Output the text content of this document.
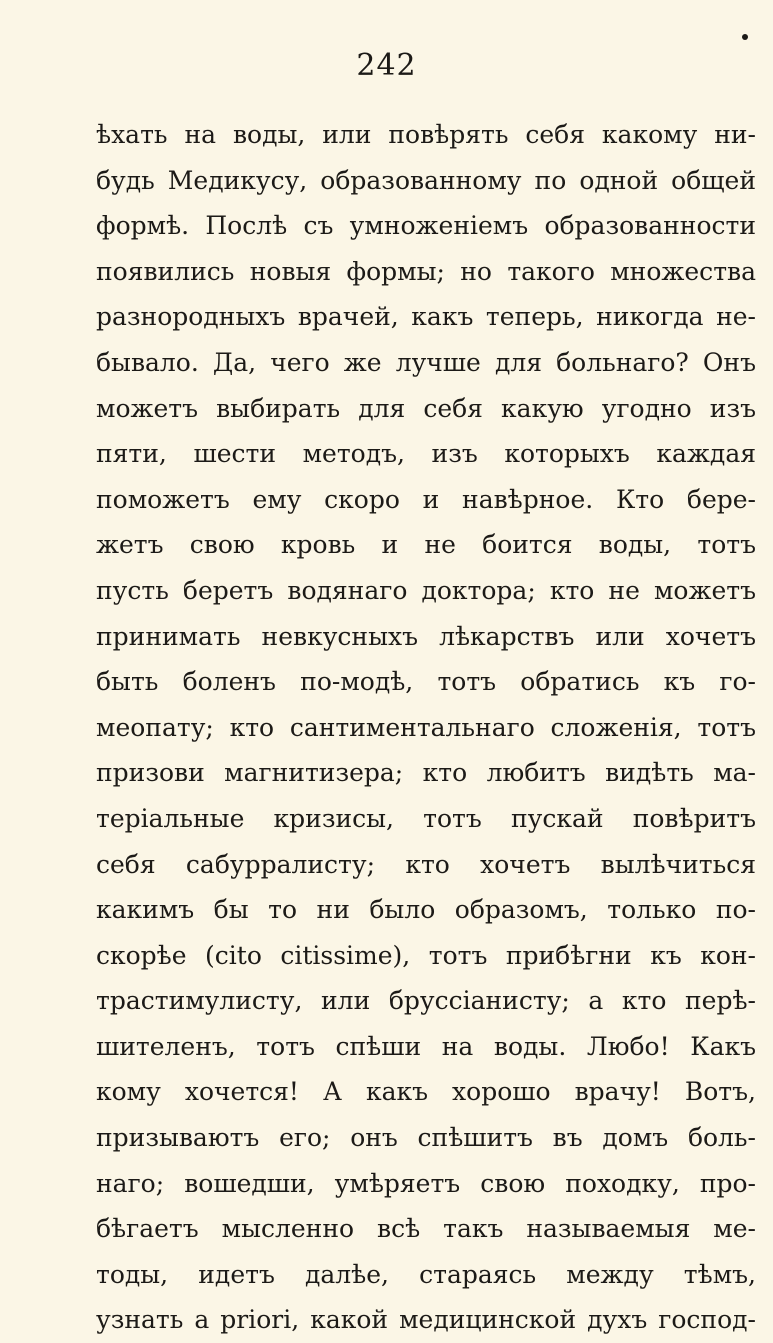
242
ѣхать на воды, или повѣрять себя какому ни-
будь Медикусу, образованному по одной общей
формѣ. Послѣ съ умноженіемъ образованности
появились новыя формы; но такого множества
разнородныхъ врачей, какъ теперь, никогда не-
бывало. Да, чего же лучше для больнаго? Онъ
можетъ выбирать для себя какую угодно изъ
пяти, шести методъ, изъ которыхъ каждая
поможетъ ему скоро и навѣрное. Кто бере-
жетъ свою кровь и не боится воды, тотъ
пусть беретъ водянаго доктора; кто не можетъ
принимать невкусныхъ лѣкарствъ или хочетъ
быть боленъ по-модѣ, тотъ обратись къ го-
меопату; кто сантиментальнаго сложенія, тотъ
призови магнитизера; кто любитъ видѣть ма-
теріальные кризисы, тотъ пускай повѣритъ
себя сабурралисту; кто хочетъ вылѣчиться
какимъ бы то ни было образомъ, только по-
скорѣе (cito citissime), тотъ прибѣгни къ кон-
трастимулисту, или бруссіанисту; а кто перѣ-
шителенъ, тотъ спѣши на воды. Любо! Какъ
кому хочется! А какъ хорошо врачу! Вотъ,
призываютъ его; онъ спѣшитъ въ домъ боль-
наго; вошедши, умѣряетъ свою походку, про-
бѣгаетъ мысленно всѣ такъ называемыя ме-
тоды, идетъ далѣе, стараясь между тѣмъ,
узнать a priori, какой медицинской духъ господ-
